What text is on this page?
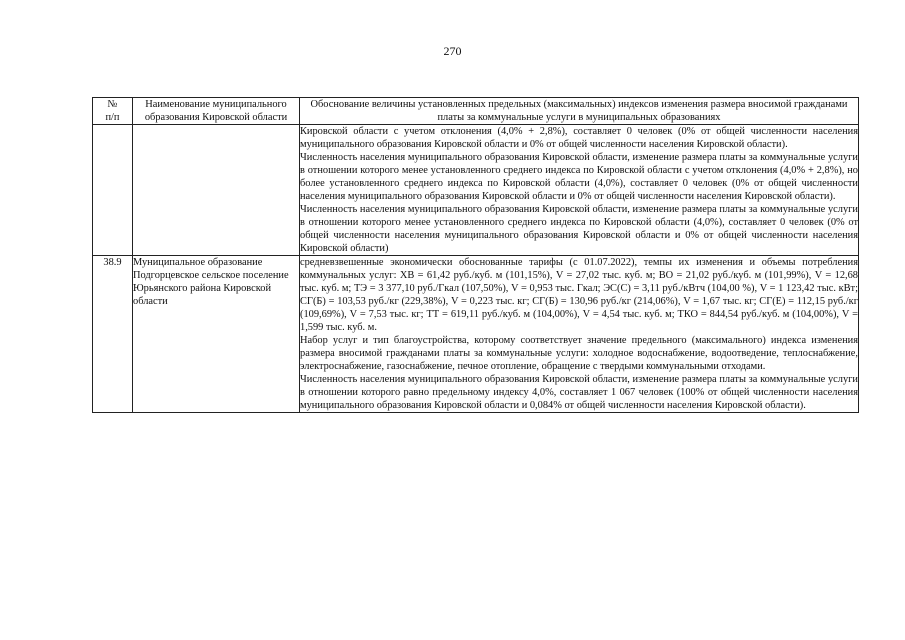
270
№
п/п	Наименование муниципального образования Кировской области	Обоснование величины установленных предельных (максимальных) индексов изменения размера вносимой гражданами платы за коммунальные услуги в муниципальных образованиях

		Кировской области с учетом отклонения (4,0% + 2,8%), составляет 0 человек (0% от общей численности населения муниципального образования Кировской области и 0% от общей численности населения Кировской области).

Численность населения муниципального образования Кировской области, изменение размера платы за коммунальные услуги в отношении которого менее установленного среднего индекса по Кировской области с учетом отклонения (4,0% + 2,8%), но более установленного среднего индекса по Кировской области (4,0%), составляет 0 человек (0% от общей численности населения муниципального образования Кировской области и 0% от общей численности населения Кировской области).

Численность населения муниципального образования Кировской области, изменение размера платы за коммунальные услуги в отношении которого менее установленного среднего индекса по Кировской области (4,0%), составляет 0 человек (0% от общей численности населения муниципального образования Кировской области и 0% от общей численности населения Кировской области)

38.9	Муниципальное образование Подгорцевское сельское поселение Юрьянского района Кировской области	средневзвешенные экономически обоснованные тарифы (с 01.07.2022), темпы их изменения и объемы потребления коммунальных услуг: ХВ = 61,42 руб./куб. м (101,15%), V = 27,02 тыс. куб. м; ВО = 21,02 руб./куб. м (101,99%), V = 12,68 тыс. куб. м; ТЭ = 3 377,10 руб./Гкал (107,50%), V = 0,953 тыс. Гкал; ЭС(С) = 3,11 руб./кВтч (104,00 %), V = 1 123,42 тыс. кВт; СГ(Б) = 103,53 руб./кг (229,38%), V = 0,223 тыс. кг; СГ(Б) = 130,96 руб./кг (214,06%), V = 1,67 тыс. кг; СГ(Е) = 112,15 руб./кг (109,69%), V = 7,53 тыс. кг; ТТ = 619,11 руб./куб. м (104,00%), V = 4,54 тыс. куб. м; ТКО = 844,54 руб./куб. м (104,00%), V = 1,599 тыс. куб. м.

Набор услуг и тип благоустройства, которому соответствует значение предельного (максимального) индекса изменения размера вносимой гражданами платы за коммунальные услуги: холодное водоснабжение, водоотведение, теплоснабжение, электроснабжение, газоснабжение, печное отопление, обращение с твердыми коммунальными отходами.

Численность населения муниципального образования Кировской области, изменение размера платы за коммунальные услуги в отношении которого равно предельному индексу 4,0%, составляет 1 067 человек (100% от общей численности населения муниципального образования Кировской области и 0,084% от общей численности населения Кировской области).
